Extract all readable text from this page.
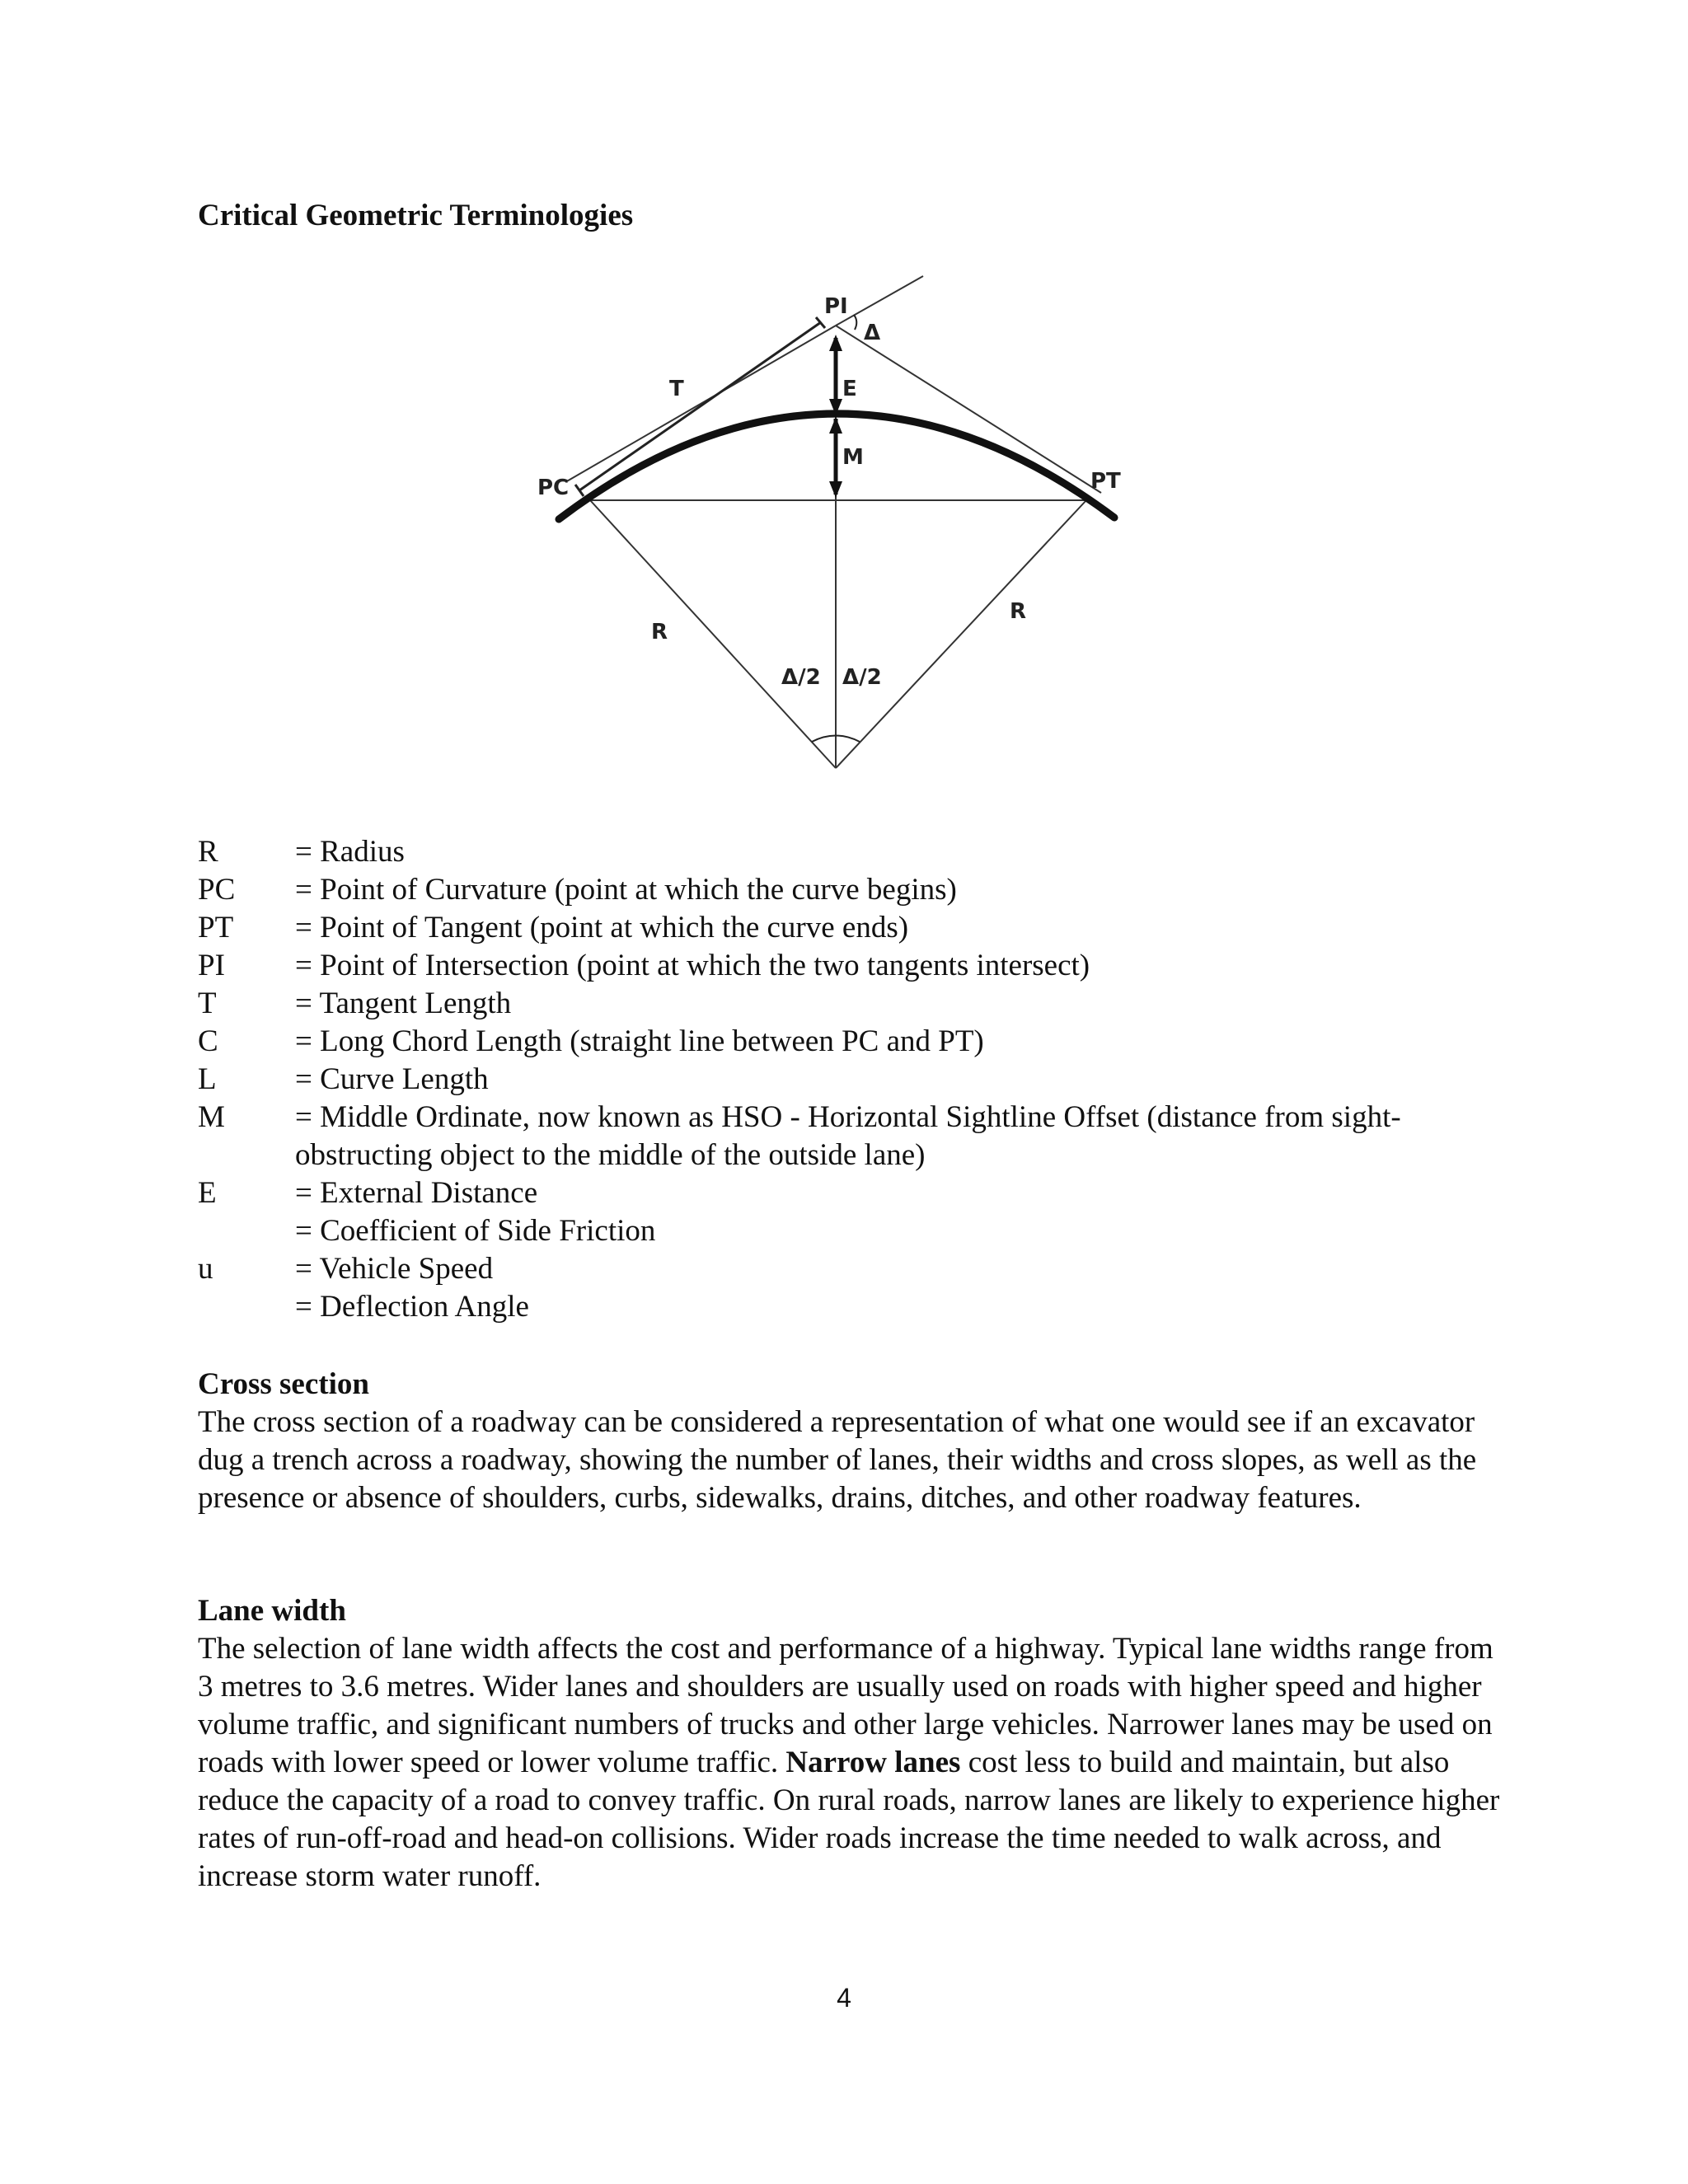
Critical Geometric Terminologies
PI
Δ
T	E
M
PC	PT
R
R
Δ/2 Δ/2
R	= Radius
PC	= Point of Curvature (point at which the curve begins)
PT	= Point of Tangent (point at which the curve ends)
PI	= Point of Intersection (point at which the two tangents intersect)
T	= Tangent Length
C	= Long Chord Length (straight line between PC and PT)
L	= Curve Length
M	= Middle Ordinate, now known as HSO - Horizontal Sightline Offset (distance from sight-obstructing object to the middle of the outside lane)
E	= External Distance
= Coefficient of Side Friction
u	= Vehicle Speed
= Deflection Angle

Cross section

The cross section of a roadway can be considered a representation of what one would see if an excavator dug a trench across a roadway, showing the number of lanes, their widths and cross slopes, as well as the presence or absence of shoulders, curbs, sidewalks, drains, ditches, and other roadway features.

Lane width

The selection of lane width affects the cost and performance of a highway. Typical lane widths range from 3 metres to 3.6 metres. Wider lanes and shoulders are usually used on roads with higher speed and higher volume traffic, and significant numbers of trucks and other large vehicles. Narrower lanes may be used on roads with lower speed or lower volume traffic. Narrow lanes cost less to build and maintain, but also reduce the capacity of a road to convey traffic. On rural roads, narrow lanes are likely to experience higher rates of run-off-road and head-on collisions. Wider roads increase the time needed to walk across, and increase storm water runoff.

4
